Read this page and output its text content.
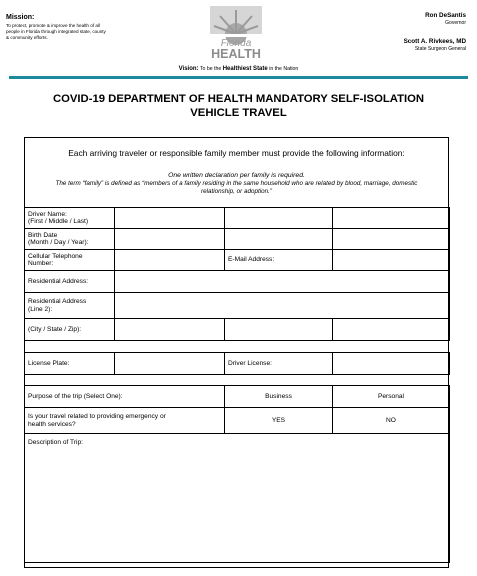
Mission:
To protect, promote & improve the health of all people in Florida through integrated state, county & community efforts.
Florida
HEALTH
Ron DeSantis
Governor
Scott A. Rivkees, MD
State Surgeon General
Vision: To be the Healthiest State in the Nation
COVID-19 DEPARTMENT OF HEALTH MANDATORY SELF-ISOLATION
VEHICLE TRAVEL
Each arriving traveler or responsible family member must provide the following information:
One written declaration per family is required.
The term “family” is defined as “members of a family residing in the same household who are related by blood, marriage, domestic relationship, or adoption.”
Driver Name:
(First / Middle / Last)			
Birth Date
(Month / Day / Year):			
Cellular Telephone
Number:		E-Mail Address:	
Residential Address:			
Residential Address
(Line 2):			
(City / State / Zip):			
License Plate:		Driver License:	
Purpose of the trip (Select One):	Business	Personal
Is your travel related to providing emergency or
health services?	YES	NO
Description of Trip:		
